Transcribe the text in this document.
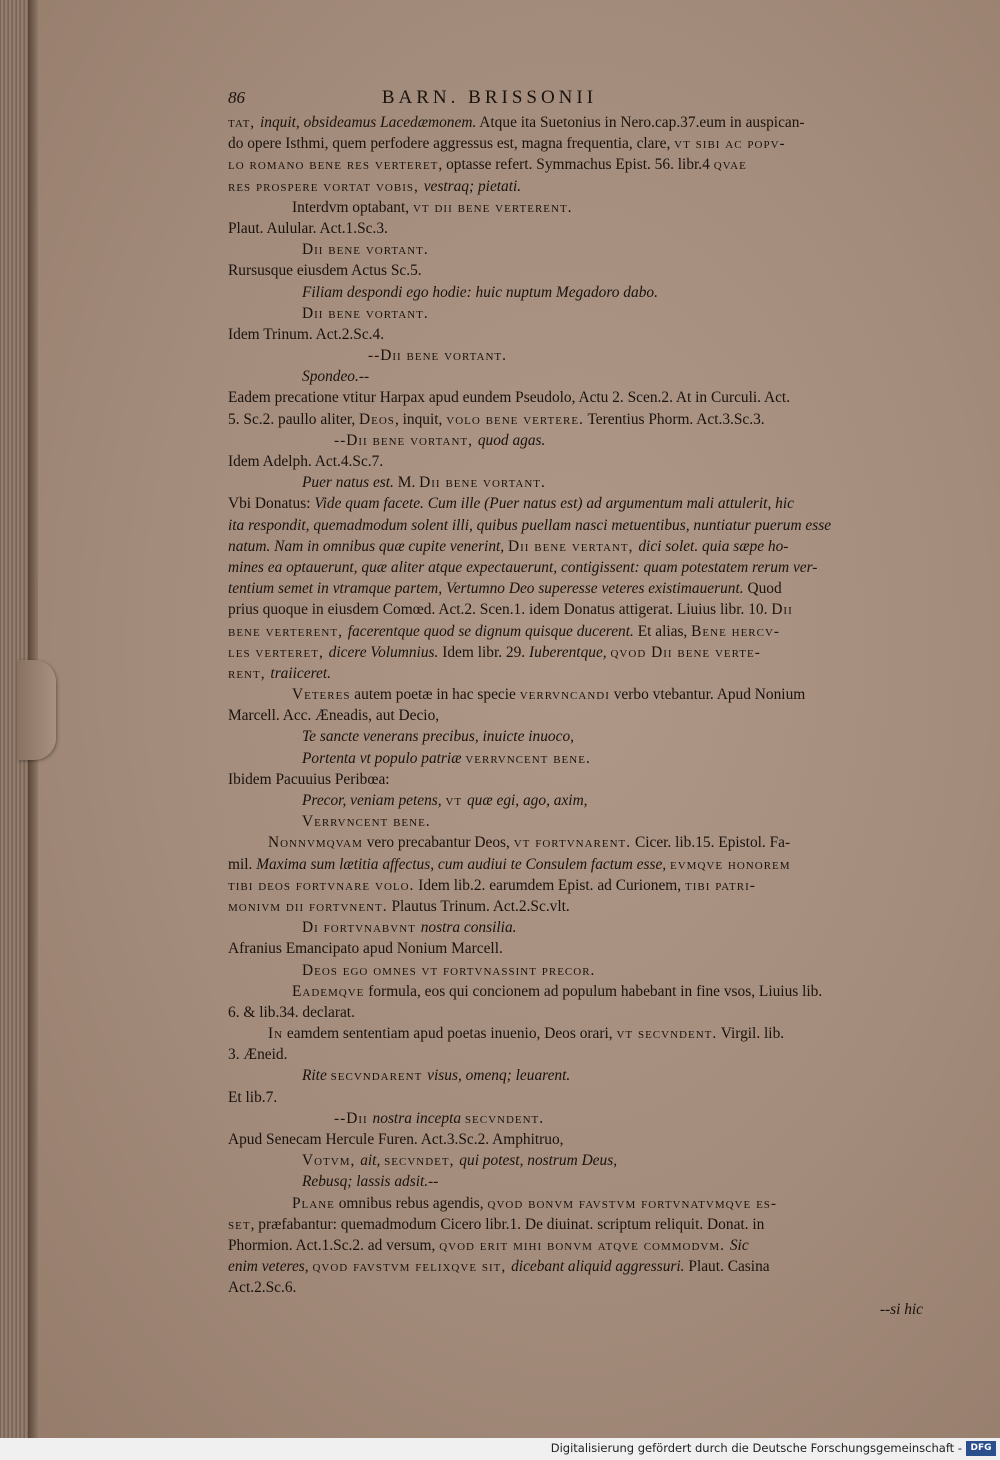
86	BARN. BRISSONII
tat, inquit, obsideamus Lacedæmonem. Atque ita Suetonius in Nero.cap.37.eum in auspican-
do opere Isthmi, quem perfodere aggressus est, magna frequentia, clare, vt sibi ac popv-
lo romano bene res verteret, optasse refert. Symmachus Epist. 56. libr.4 qvae
res prospere vortat vobis, vestraq; pietati.
Interdvm optabant, vt dii bene verterent.
Plaut. Aulular. Act.1.Sc.3.
Dii bene vortant.
Rursusque eiusdem Actus Sc.5.
Filiam despondi ego hodie: huic nuptum Megadoro dabo.
Dii bene vortant.
Idem Trinum. Act.2.Sc.4.
--Dii bene vortant.
Spondeo.--
Eadem precatione vtitur Harpax apud eundem Pseudolo, Actu 2. Scen.2. At in Curculi. Act.
5. Sc.2. paullo aliter, Deos, inquit, volo bene vertere. Terentius Phorm. Act.3.Sc.3.
--Dii bene vortant, quod agas.
Idem Adelph. Act.4.Sc.7.
Puer natus est. M. Dii bene vortant.
Vbi Donatus: Vide quam facete. Cum ille (Puer natus est) ad argumentum mali attulerit, hic
ita respondit, quemadmodum solent illi, quibus puellam nasci metuentibus, nuntiatur puerum esse
natum. Nam in omnibus quæ cupite venerint, Dii bene vertant, dici solet. quia sæpe ho-
mines ea optauerunt, quæ aliter atque expectauerunt, contigissent: quam potestatem rerum ver-
tentium semet in vtramque partem, Vertumno Deo superesse veteres existimauerunt. Quod
prius quoque in eiusdem Comœd. Act.2. Scen.1. idem Donatus attigerat. Liuius libr. 10. Dii
bene verterent, facerentque quod se dignum quisque ducerent. Et alias, Bene hercv-
les verteret, dicere Volumnius. Idem libr. 29. Iuberentque, qvod Dii bene verte-
rent, traiiceret.
Veteres autem poetæ in hac specie verrvncandi verbo vtebantur. Apud Nonium
Marcell. Acc. Æneadis, aut Decio,
Te sancte venerans precibus, inuicte inuoco,
Portenta vt populo patriæ verrvncent bene.
Ibidem Pacuuius Peribœa:
Precor, veniam petens, vt quæ egi, ago, axim,
Verrvncent bene.
Nonnvmqvam vero precabantur Deos, vt fortvnarent. Cicer. lib.15. Epistol. Fa-
mil. Maxima sum lætitia affectus, cum audiui te Consulem factum esse, evmqve honorem
tibi deos fortvnare volo. Idem lib.2. earumdem Epist. ad Curionem, tibi patri-
monivm dii fortvnent. Plautus Trinum. Act.2.Sc.vlt.
Di fortvnabvnt nostra consilia.
Afranius Emancipato apud Nonium Marcell.
Deos ego omnes vt fortvnassint precor.
Eademqve formula, eos qui concionem ad populum habebant in fine vsos, Liuius lib.
6. & lib.34. declarat.
In eamdem sententiam apud poetas inuenio, Deos orari, vt secvndent. Virgil. lib.
3. Æneid.
Rite secvndarent visus, omenq; leuarent.
Et lib.7.
--Dii nostra incepta secvndent.
Apud Senecam Hercule Furen. Act.3.Sc.2. Amphitruo,
Votvm, ait, secvndet, qui potest, nostrum Deus,
Rebusq; lassis adsit.--
Plane omnibus rebus agendis, qvod bonvm favstvm fortvnatvmqve es-
set, præfabantur: quemadmodum Cicero libr.1. De diuinat. scriptum reliquit. Donat. in
Phormion. Act.1.Sc.2. ad versum, qvod erit mihi bonvm atqve commodvm. Sic
enim veteres, qvod favstvm felixqve sit, dicebant aliquid aggressuri. Plaut. Casina
Act.2.Sc.6.
--si hic
Digitalisierung gefördert durch die Deutsche Forschungsgemeinschaft - DFG
